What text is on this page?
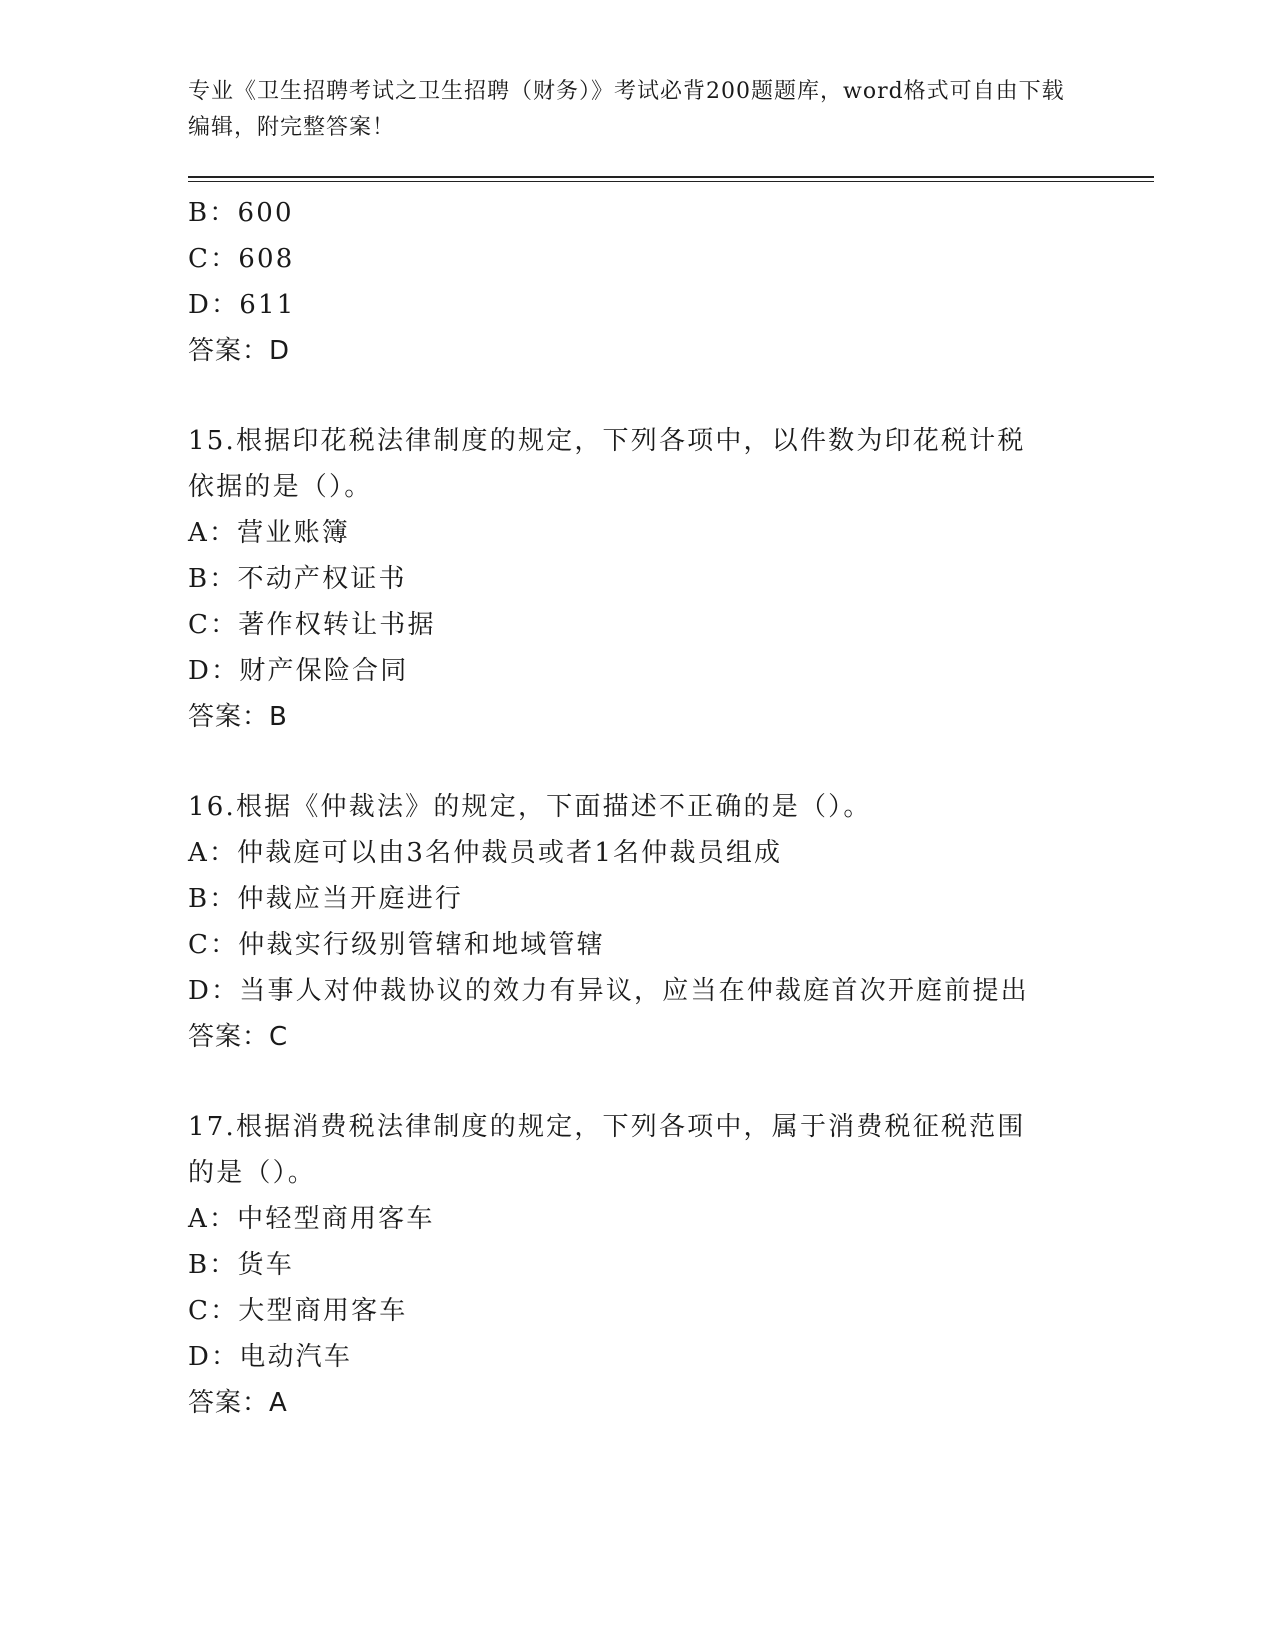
专业《卫生招聘考试之卫生招聘（财务）》考试必背200题题库，word格式可自由下载编辑，附完整答案！
B：600
C：608
D：611
答案：D
15.根据印花税法律制度的规定，下列各项中，以件数为印花税计税依据的是（）。
A：营业账簿
B：不动产权证书
C：著作权转让书据
D：财产保险合同
答案：B
16.根据《仲裁法》的规定，下面描述不正确的是（）。
A：仲裁庭可以由3名仲裁员或者1名仲裁员组成
B：仲裁应当开庭进行
C：仲裁实行级别管辖和地域管辖
D：当事人对仲裁协议的效力有异议，应当在仲裁庭首次开庭前提出
答案：C
17.根据消费税法律制度的规定，下列各项中，属于消费税征税范围的是（）。
A：中轻型商用客车
B：货车
C：大型商用客车
D：电动汽车
答案：A
